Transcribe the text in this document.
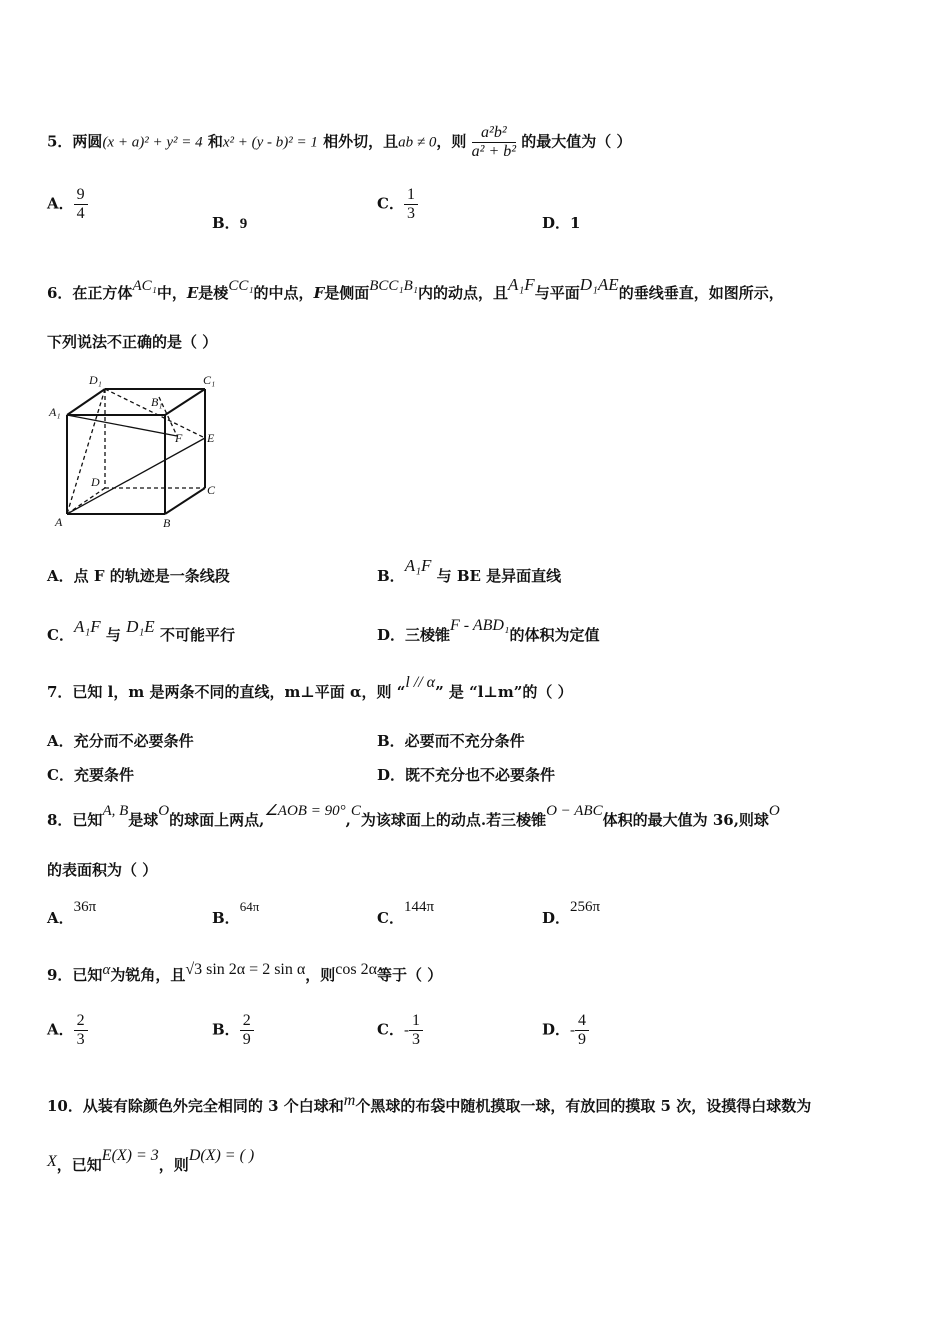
5．两圆(x + a)² + y² = 4 和x² + (y - b)² = 1 相外切，且ab ≠ 0，则 $\frac{\text{a²b²}}{\text{a² + b²}}$ 的最大值为（ ）
A． $\frac{9}{4}$	B．9
C． $\frac{1}{3}$	D．1
6．在正方体AC₁中，E是棱CC₁的中点，F是侧面BCC₁B₁内的动点，且A₁F与平面D₁AE的垂线垂直，如图所示，
下列说法不正确的是（ ）
D₁	C₁
A₁
B₁
F E
D
C
A	B
A．点 F 的轨迹是一条线段	B．A₁F 与 BE 是异面直线
C．A₁F 与 D₁E 不可能平行	D．三棱锥F - ABD₁的体积为定值
7．已知 l，m 是两条不同的直线，m⊥平面 α，则 “l // α” 是 “l⊥m”的（ ）
A．充分而不必要条件	B．必要而不充分条件
C．充要条件	D．既不充分也不必要条件
8．已知A, B是球O的球面上两点,∠AOB = 90°,C为该球面上的动点.若三棱锥O − ABC体积的最大值为 36,则球O
的表面积为（ ）
A．36π
B．64π
C．144π
D．256π
9．已知α为锐角，且√3 sin 2α = 2 sin α，则cos 2α等于（ ）
A． $\frac{2}{3}$	B． $\frac{2}{9}$	C．- $\frac{1}{3}$	D．- $\frac{4}{9}$
10．从装有除颜色外完全相同的 3 个白球和m个黑球的布袋中随机摸取一球，有放回的摸取 5 次，设摸得白球数为
X，已知E(X) = 3，则D(X) = ( )
